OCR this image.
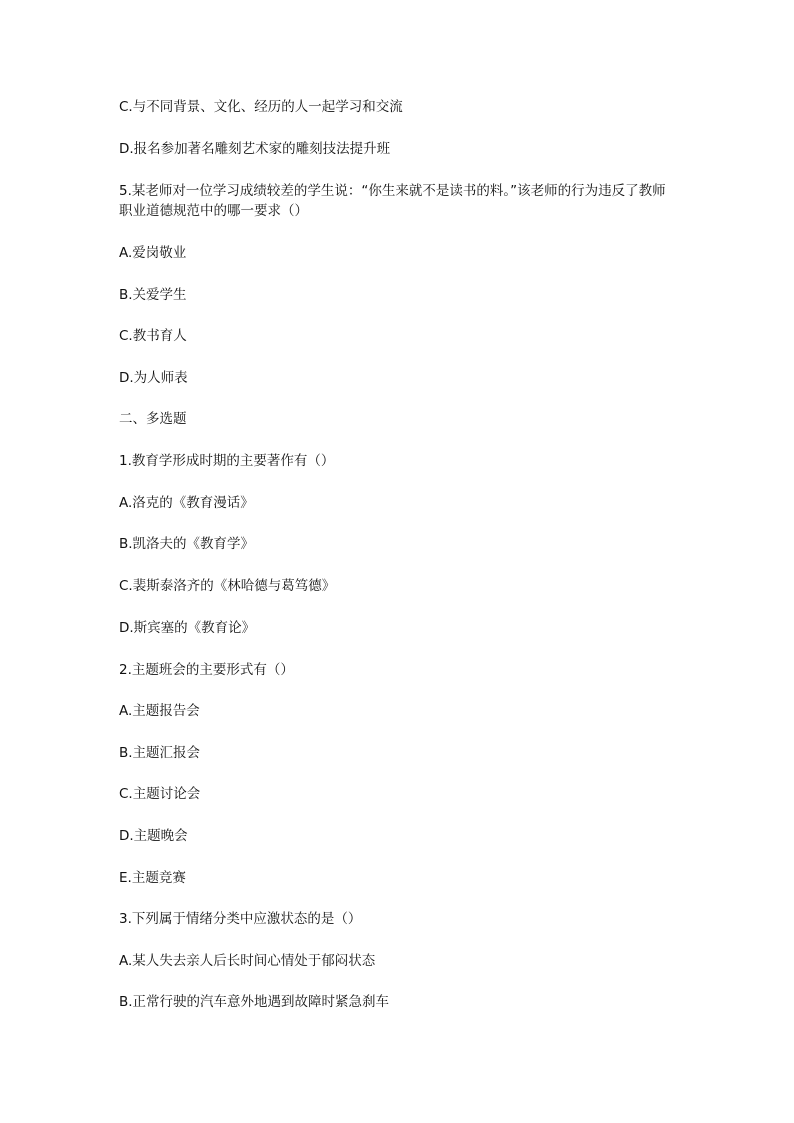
C.与不同背景、文化、经历的人一起学习和交流
D.报名参加著名雕刻艺术家的雕刻技法提升班
5.某老师对一位学习成绩较差的学生说：“你生来就不是读书的料。”该老师的行为违反了教师职业道德规范中的哪一要求（）
A.爱岗敬业
B.关爱学生
C.教书育人
D.为人师表
二、多选题
1.教育学形成时期的主要著作有（）
A.洛克的《教育漫话》
B.凯洛夫的《教育学》
C.裴斯泰洛齐的《林哈德与葛笃德》
D.斯宾塞的《教育论》
2.主题班会的主要形式有（）
A.主题报告会
B.主题汇报会
C.主题讨论会
D.主题晚会
E.主题竞赛
3.下列属于情绪分类中应激状态的是（）
A.某人失去亲人后长时间心情处于郁闷状态
B.正常行驶的汽车意外地遇到故障时紧急刹车
